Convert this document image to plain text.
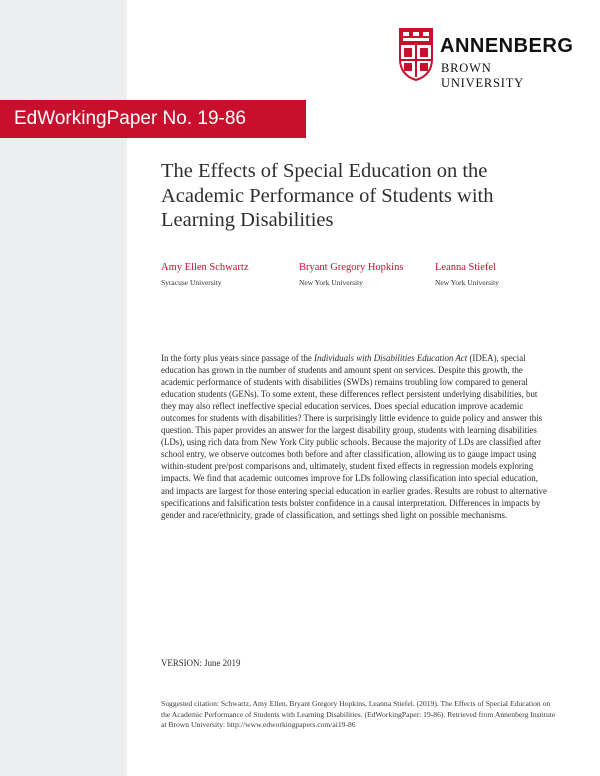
ANNENBERG
BROWN UNIVERSITY
EdWorkingPaper No. 19-86
The Effects of Special Education on the Academic Performance of Students with Learning Disabilities
Amy Ellen Schwartz
Syracuse University
Bryant Gregory Hopkins
New York University
Leanna Stiefel
New York University

In the forty plus years since passage of the Individuals with Disabilities Education Act (IDEA), special education has grown in the number of students and amount spent on services. Despite this growth, the academic performance of students with disabilities (SWDs) remains troubling low compared to general education students (GENs). To some extent, these differences reflect persistent underlying disabilities, but they may also reflect ineffective special education services. Does special education improve academic outcomes for students with disabilities? There is surprisingly little evidence to guide policy and answer this question. This paper provides an answer for the largest disability group, students with learning disabilities (LDs), using rich data from New York City public schools. Because the majority of LDs are classified after school entry, we observe outcomes both before and after classification, allowing us to gauge impact using within-student pre/post comparisons and, ultimately, student fixed effects in regression models exploring impacts. We find that academic outcomes improve for LDs following classification into special education, and impacts are largest for those entering special education in earlier grades. Results are robust to alternative specifications and falsification tests bolster confidence in a causal interpretation. Differences in impacts by gender and race/ethnicity, grade of classification, and settings shed light on possible mechanisms.

VERSION: June 2019

Suggested citation: Schwartz, Amy Ellen, Bryant Gregory Hopkins, Leanna Stiefel. (2019). The Effects of Special Education on the Academic Performance of Students with Learning Disabilities. (EdWorkingPaper: 19-86). Retrieved from Annenberg Institute at Brown University: http://www.edworkingpapers.com/ai19-86
